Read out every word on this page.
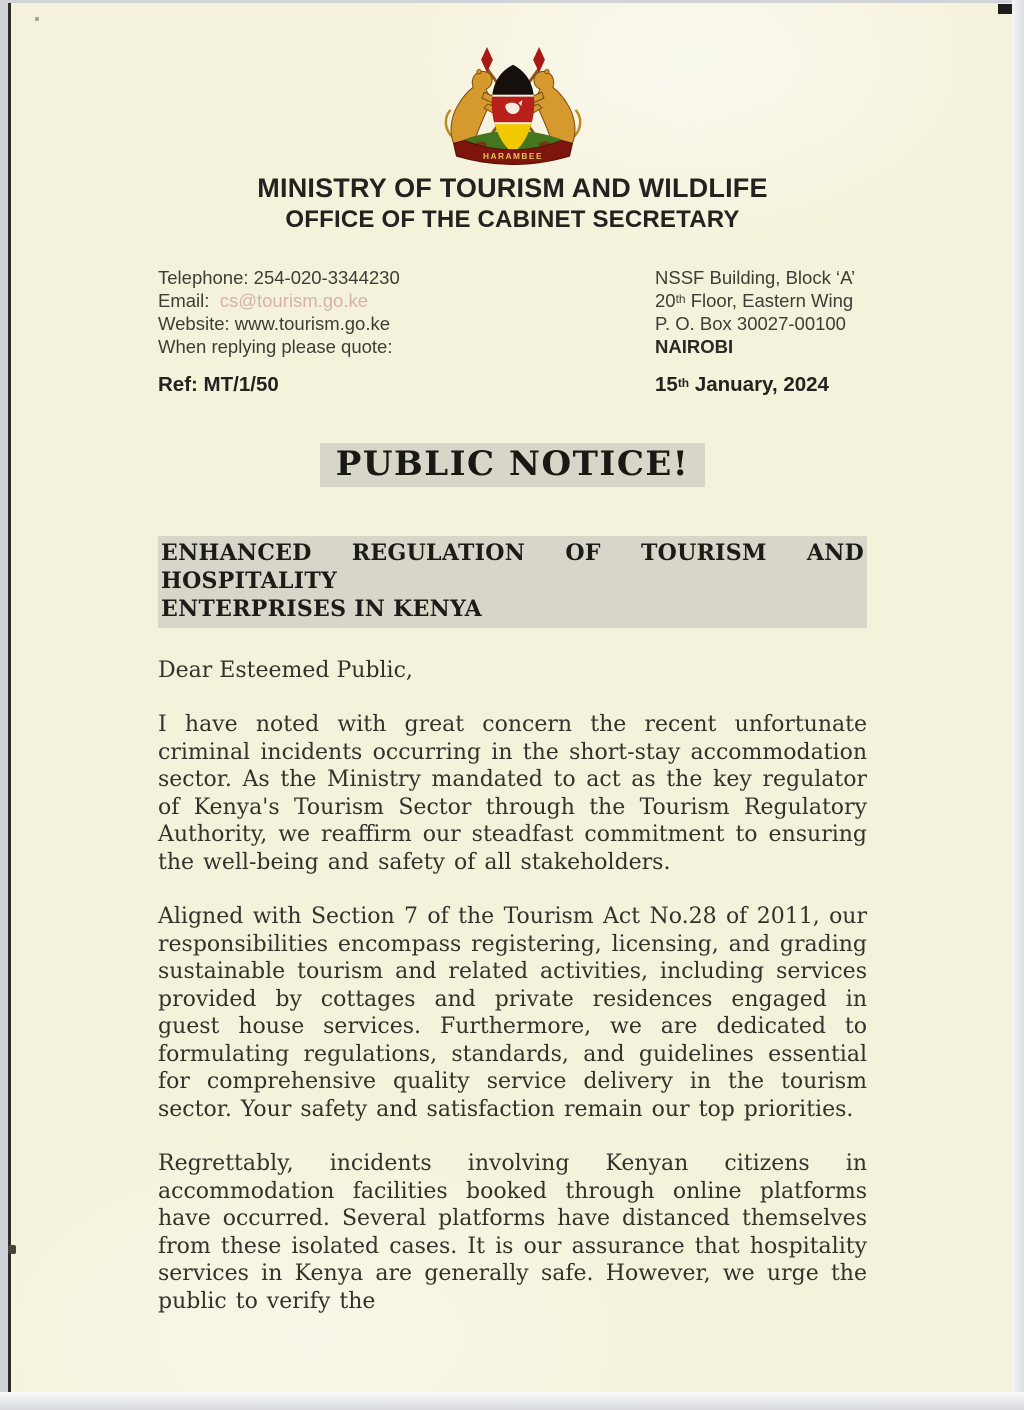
HARAMBEE
MINISTRY OF TOURISM AND WILDLIFE
OFFICE OF THE CABINET SECRETARY
Telephone: 254-020-3344230
Email: cs@tourism.go.ke
Website: www.tourism.go.ke
When replying please quote:
NSSF Building, Block ‘A’
20th Floor, Eastern Wing
P. O. Box 30027-00100
NAIROBI
Ref: MT/1/50	15th January, 2024
PUBLIC NOTICE!
ENHANCED REGULATION OF TOURISM AND HOSPITALITY
ENTERPRISES IN KENYA

Dear Esteemed Public,

I have noted with great concern the recent unfortunate criminal incidents occurring in the short-stay accommodation sector. As the Ministry mandated to act as the key regulator of Kenya's Tourism Sector through the Tourism Regulatory Authority, we reaffirm our steadfast commitment to ensuring the well-being and safety of all stakeholders.

Aligned with Section 7 of the Tourism Act No.28 of 2011, our responsibilities encompass registering, licensing, and grading sustainable tourism and related activities, including services provided by cottages and private residences engaged in guest house services. Furthermore, we are dedicated to formulating regulations, standards, and guidelines essential for comprehensive quality service delivery in the tourism sector. Your safety and satisfaction remain our top priorities.

Regrettably, incidents involving Kenyan citizens in accommodation facilities booked through online platforms have occurred. Several platforms have distanced themselves from these isolated cases. It is our assurance that hospitality services in Kenya are generally safe. However, we urge the public to verify the
